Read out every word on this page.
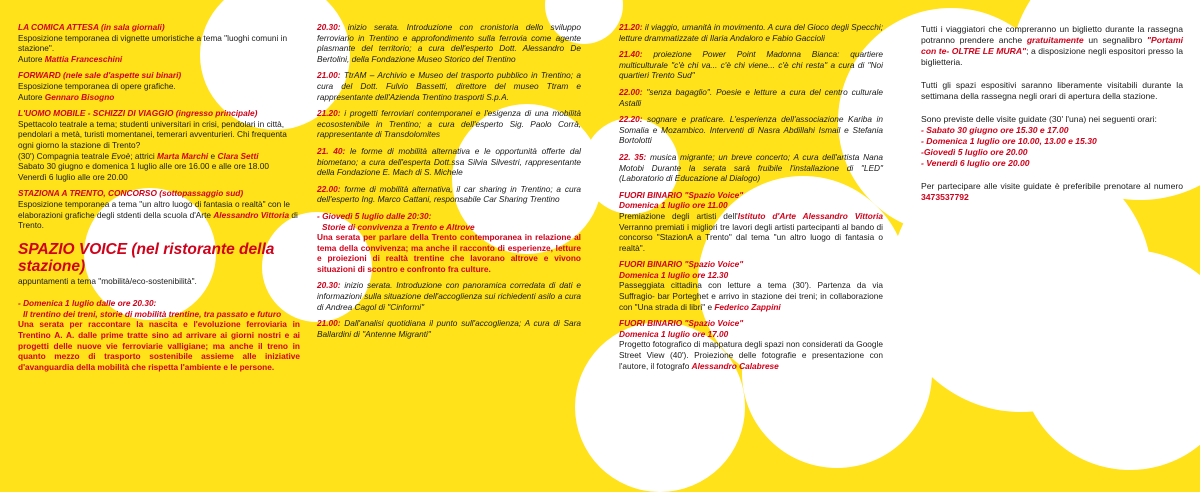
LA COMICA ATTESA (in sala giornali)
Esposizione temporanea di vignette umoristiche a tema "luoghi comuni in stazione".
Autore Mattia Franceschini
FORWARD (nele sale d'aspette sui binari)
Esposizione temporanea di opere grafiche.
Autore Gennaro Bisogno
L'UOMO MOBILE - SCHIZZI DI VIAGGIO (ingresso principale)
Spettacolo teatrale a tema; studenti universitari in crisi, pendolari in città, pendolari a metà, turisti momentanei, temerari avventurieri. Chi frequenta ogni giorno la stazione di Trento?
(30') Compagnia teatrale Evoè; attrici Marta Marchi e Clara Setti
Sabato 30 giugno e domenica 1 luglio alle ore 16.00 e alle ore 18.00
Venerdì 6 luglio alle ore 20.00
STAZIONA A TRENTO, CONCORSO (sottopassaggio sud)
Esposizione temporanea a tema "un altro luogo di fantasia o realtà" con le elaborazioni grafiche degli stdenti della scuola d'Arte Alessandro Vittoria di Trento.
SPAZIO VOICE (nel ristorante della stazione)
appuntamenti a tema "mobilità/eco-sostenibilità".
- Domenica 1 luglio dalle ore 20.30:
Il trentino dei treni, storie di mobilità trentine, tra passato e futuro
Una serata per raccontare la nascita e l'evoluzione ferroviaria in Trentino A. A. dalle prime tratte sino ad arrivare ai giorni nostri e ai progetti delle nuove vie ferroviarie valligiane; ma anche il treno in quanto mezzo di trasporto sostenibile assieme alle iniziative d'avanguardia della mobilità che rispetta l'ambiente e le persone.
20.30: inizio serata. Introduzione con cronistoria dello sviluppo ferroviario in Trentino e approfondimento sulla ferrovia come agente plasmante del territorio; a cura dell'esperto Dott. Alessandro De Bertolini, della Fondazione Museo Storico del Trentino
21.00: TtrAM – Archivio e Museo del trasporto pubblico in Trentino; a cura del Dott. Fulvio Bassetti, direttore del museo Ttram e rappresentante dell'Azienda Trentino trasporti S.p.A.
21.20: i progetti ferroviari contemporanei e l'esigenza di una mobilità ecosostenibile in Trentino; a cura dell'esperto Sig. Paolo Corrà, rappresentante di Transdolomites
21. 40: le forme di mobilità alternativa e le opportunità offerte dal biometano; a cura dell'esperta Dott.ssa Silvia Silvestri, rappresentante della Fondazione E. Mach di S. Michele
22.00: forme di mobilità alternativa, il car sharing in Trentino; a cura dell'esperto Ing. Marco Cattani, responsabile Car Sharing Trentino
- Giovedì 5 luglio dalle 20:30:
Storie di convivenza a Trento e Altrove
Una serata per parlare della Trento contemporanea in relazione al tema della convivenza; ma anche il racconto di esperienze, letture e proiezioni di realtà trentine che lavorano altrove e vivono situazioni di scontro e confronto fra culture.
20.30: inizio serata. Introduzione con panoramica corredata di dati e informazioni sulla situazione dell'accoglienza sui richiedenti asilo a cura di Andrea Cagol di "Cinformi"
21.00: Dall'analisi quotidiana il punto sull'accoglienza; A cura di Sara Ballardini di "Antenne Migranti"
21.20: il viaggio, umanità in movimento. A cura del Gioco degli Specchi; letture drammatizzate di Ilaria Andaloro e Fabio Gaccioli
21.40: proiezione Power Point Madonna Bianca: quartiere multiculturale "c'è chi va... c'è chi viene... c'è chi resta" a cura di "Noi quartieri Trento Sud"
22.00: "senza bagaglio". Poesie e letture a cura del centro culturale Astalli
22.20: sognare e praticare. L'esperienza dell'associazione Kariba in Somalia e Mozambico. Interventi di Nasra Abdillahi Ismail e Stefania Bortolotti
22. 35: musica migrante; un breve concerto; A cura dell'artista Nana Motobi Durante la serata sarà fruibile l'installazione di "LED" (Laboratorio di Educazione al Dialogo)
FUORI BINARIO "Spazio Voice"
Domenica 1 luglio ore 11.00
Premiazione degli artisti dell'Istituto d'Arte Alessandro Vittoria Verranno premiati i migliori tre lavori degli artisti partecipanti al bando di concorso "StazionA a Trento" dal tema "un altro luogo di fantasia o realtà".
FUORI BINARIO "Spazio Voice"
Domenica 1 luglio ore 12.30
Passeggiata cittadina con letture a tema (30'). Partenza da via Suffragio- bar Porteghet e arrivo in stazione dei treni; in collaborazione con "Una strada di libri" e Federico Zappini
FUORI BINARIO "Spazio Voice"
Domenica 1 luglio ore 17.00
Progetto fotografico di mappatura degli spazi non considerati da Google Street View (40'). Proiezione delle fotografie e presentazione con l'autore, il fotografo Alessandro Calabrese
Tutti i viaggiatori che compreranno un biglietto durante la rassegna potranno prendere anche gratuitamente un segnalibro "Portami con te- OLTRE LE MURA"; a disposizione negli espositori presso la biglietteria.
Tutti gli spazi espositivi saranno liberamente visitabili durante la settimana della rassegna negli orari di apertura della stazione.
Sono previste delle visite guidate (30' l'una) nei seguenti orari:
- Sabato 30 giugno ore 15.30 e 17.00
- Domenica 1 luglio ore 10.00, 13.00 e 15.30
-Giovedì 5 luglio ore 20.00
- Venerdì 6 luglio ore 20.00
Per partecipare alle visite guidate è preferibile prenotare al numero 3473537792
